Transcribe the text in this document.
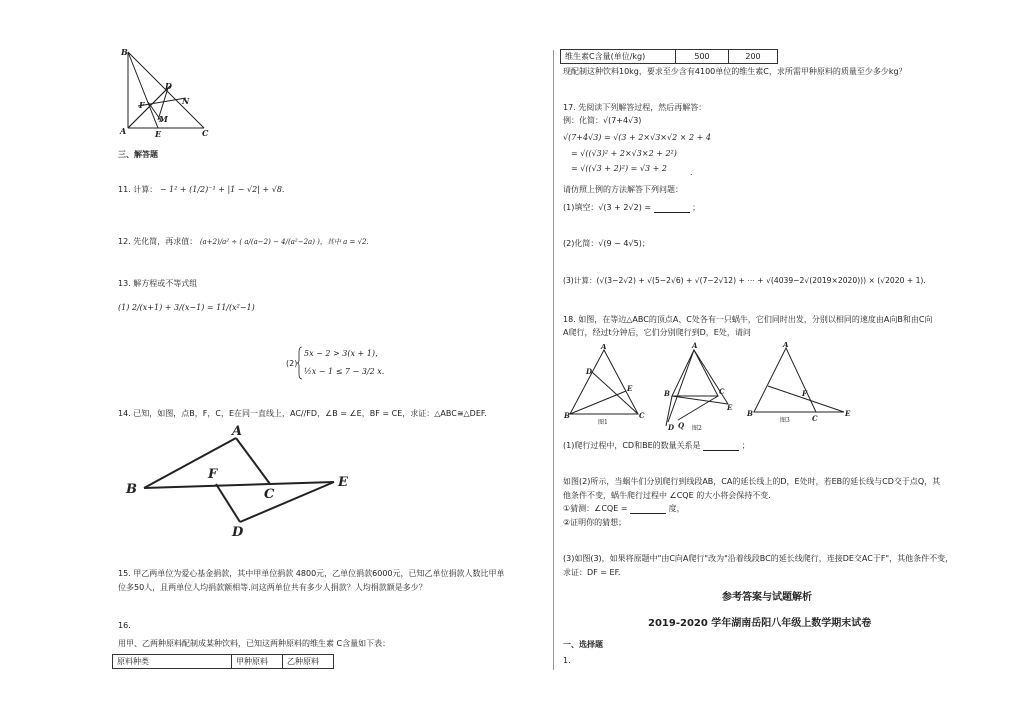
B
D
N
F
M
A	E	C
三、解答题
11. 计算： − 1² + (1/2)⁻¹ + |1 − √2| + √8.
12. 先化简，再求值： (a+2)/a² ÷ ( a/(a−2) − 4/(a²−2a) )，其中 a = √2.
13. 解方程或不等式组
(1) 2/(x+1) + 3/(x−1) = 11/(x²−1)
(2)
5x − 2 > 3(x + 1)，
½x − 1 ≤ 7 − 3/2 x.
14. 已知，如图，点B，F，C，E在同一直线上，AC//FD，∠B = ∠E，BF = CE，求证：△ABC≅△DEF.
A
B
F
C
E
D
15. 甲乙两单位为爱心基金捐款，其中甲单位捐款 4800元，乙单位捐款6000元，已知乙单位捐款人数比甲单
位多50人，且两单位人均捐款额相等.问这两单位共有多少人捐款？人均捐款额是多少？
16.
用甲、乙两种原料配制成某种饮料，已知这两种原料的维生素 C含量如下表：
原料种类	甲种原料	乙种原料
维生素C含量(单位/kg)	500	200
现配制这种饮料10kg，要求至少含有4100单位的维生素C，求所需甲种原料的质量至少多少kg？
17. 先阅读下列解答过程，然后再解答：
例：化简：√(7+4√3)
√(7+4√3) = √(3 + 2×√3×√2 × 2 + 4
= √((√3)² + 2×√3×2 + 2²)
= √((√3 + 2)²) = √3 + 2	.
请仿照上例的方法解答下列问题：
(1)填空：√(3 + 2√2) =	；
(2)化简：√(9 − 4√5)；
(3)计算：(√(3−2√2) + √(5−2√6) + √(7−2√12) + ⋯ + √(4039−2√(2019×2020))) × (√2020 + 1).
18. 如图，在等边△ABC的顶点A、C处各有一只蜗牛，它们同时出发，分别以相同的速度由A向B和由C向
A爬行，经过t分钟后，它们分别爬行到D，E处，请问
A
D
E
B	C
图1
A
B
D
E
C
Q 图2
A
F
B
C
E
图3
(1)爬行过程中，CD和BE的数量关系是	；
如图(2)所示，当蜗牛们分别爬行到线段AB，CA的延长线上的D，E处时，若EB的延长线与CD交于点Q，其
他条件不变，蜗牛爬行过程中 ∠CQE 的大小将会保持不变.
①猜测：∠CQE =	度，
②证明你的猜想；
(3)如图(3)，如果将原题中"由C向A爬行"改为"沿着线段BC的延长线爬行，连接DE交AC于F"，其他条件不变，
求证：DF = EF.
参考答案与试题解析
2019-2020 学年湖南岳阳八年级上数学期末试卷
一、选择题
1.
